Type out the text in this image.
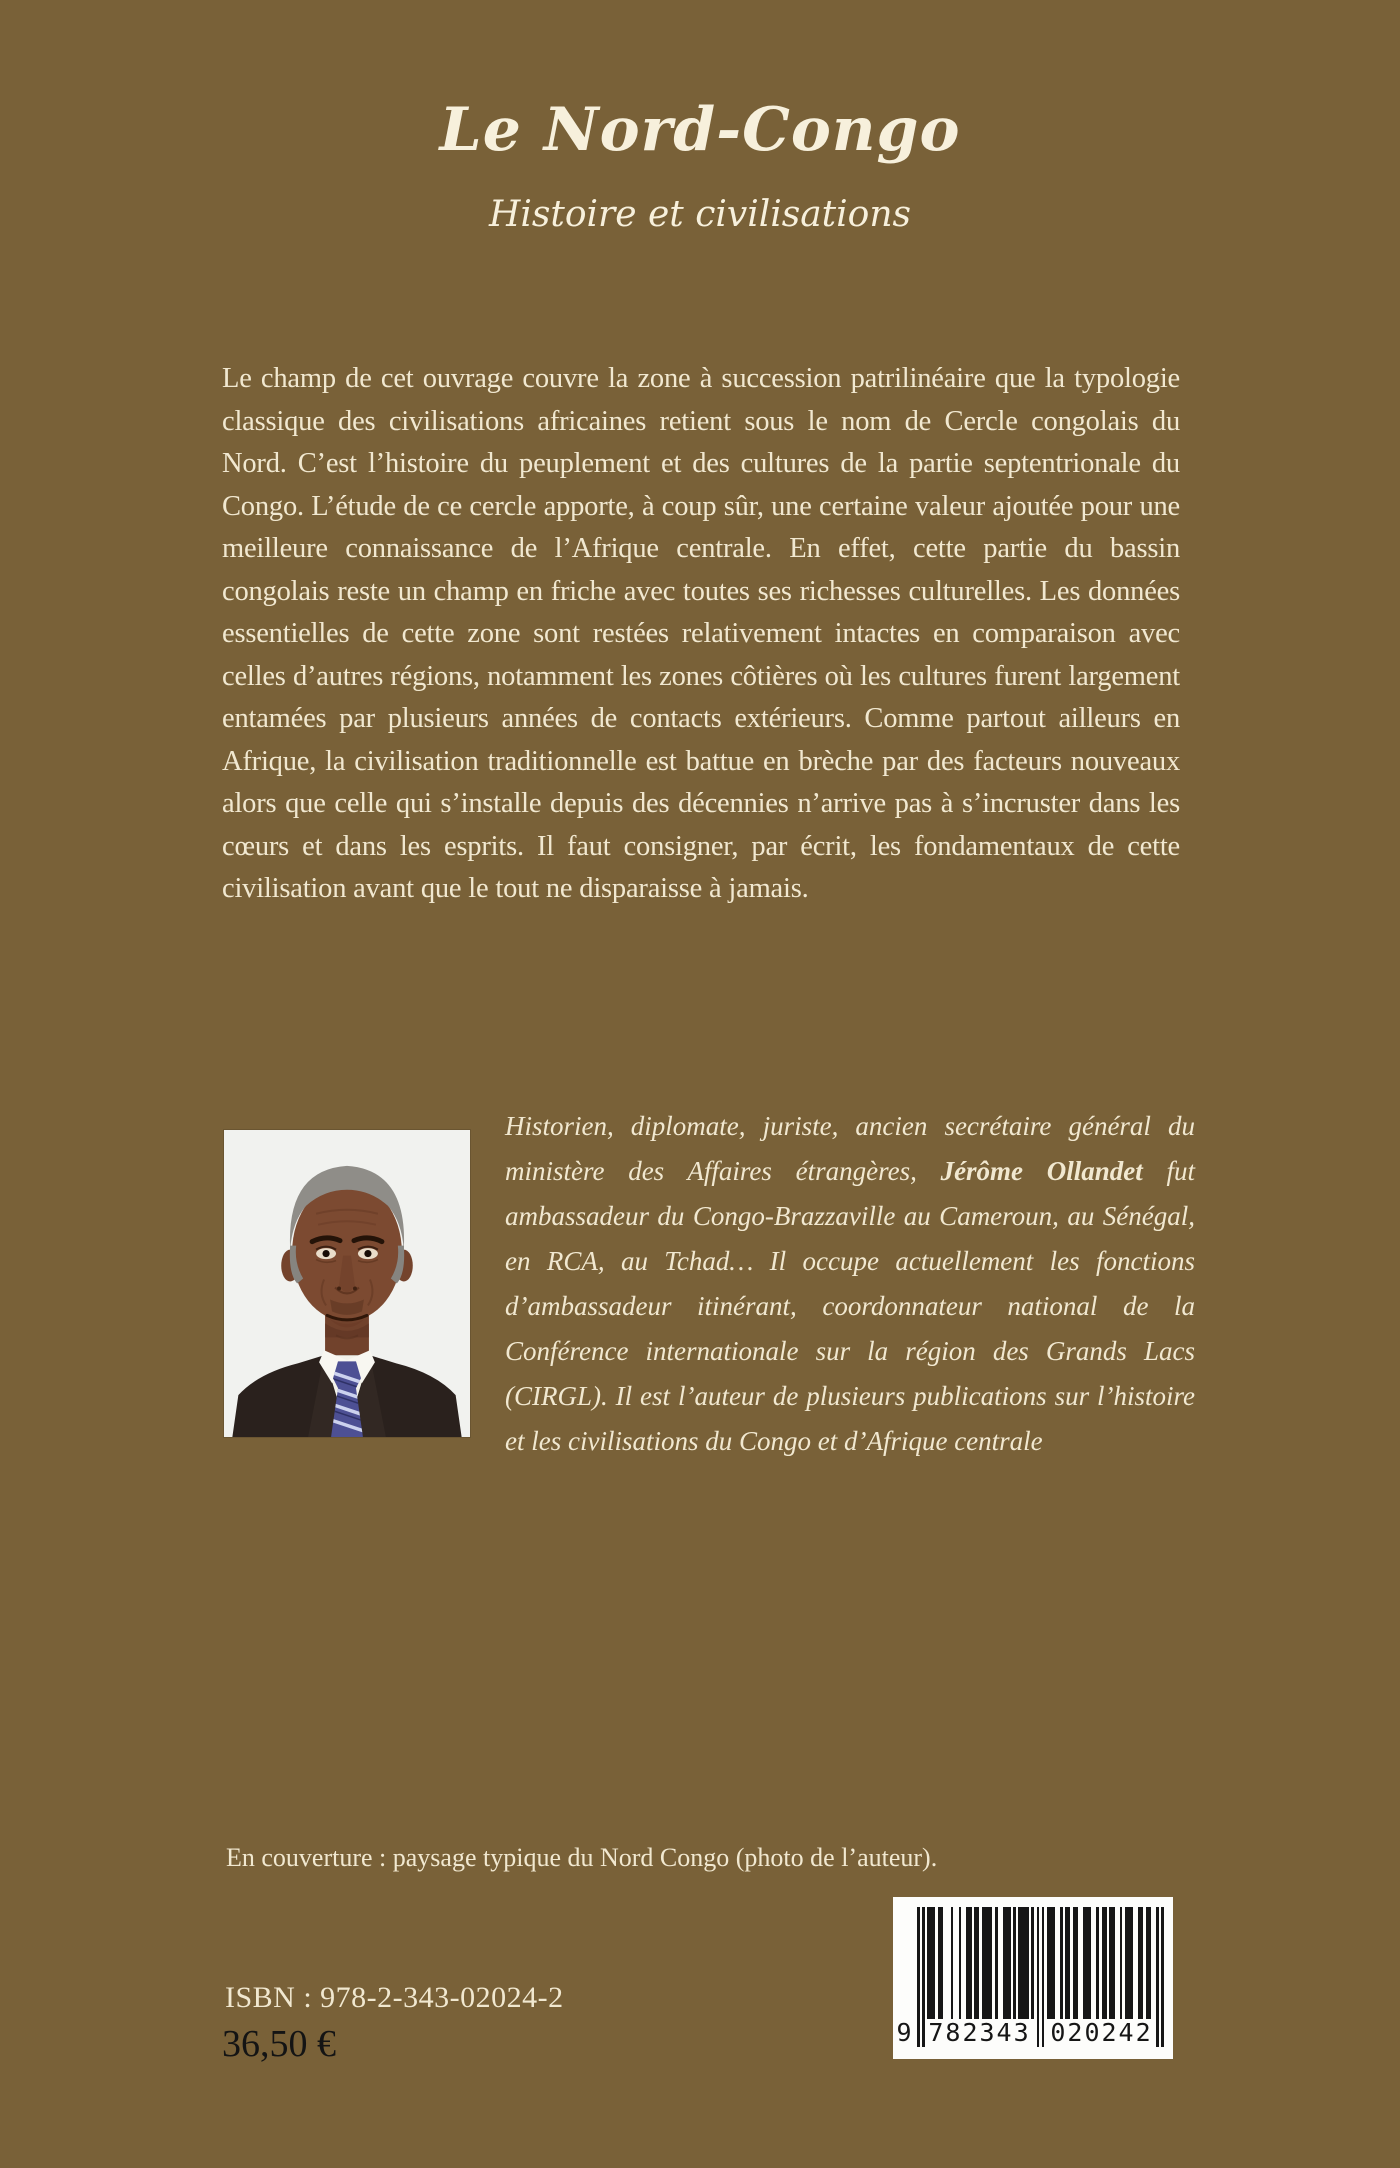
Le Nord-Congo
Histoire et civilisations

Le champ de cet ouvrage couvre la zone à succession patrilinéaire que la typologie classique des civilisations africaines retient sous le nom de Cercle congolais du Nord. C’est l’histoire du peuplement et des cultures de la partie septentrionale du Congo. L’étude de ce cercle apporte, à coup sûr, une certaine valeur ajoutée pour une meilleure connaissance de l’Afrique centrale. En effet, cette partie du bassin congolais reste un champ en friche avec toutes ses richesses culturelles. Les données essentielles de cette zone sont restées relativement intactes en comparaison avec celles d’autres régions, notamment les zones côtières où les cultures furent largement entamées par plusieurs années de contacts extérieurs. Comme partout ailleurs en Afrique, la civilisation traditionnelle est battue en brèche par des facteurs nouveaux alors que celle qui s’installe depuis des décennies n’arrive pas à s’incruster dans les cœurs et dans les esprits. Il faut consigner, par écrit, les fondamentaux de cette civilisation avant que le tout ne disparaisse à jamais.

Historien, diplomate, juriste, ancien secrétaire général du ministère des Affaires étrangères, Jérôme Ollandet fut ambassadeur du Congo-Brazzaville au Cameroun, au Sénégal, en RCA, au Tchad… Il occupe actuellement les fonctions d’ambassadeur itinérant, coordonnateur national de la Conférence internationale sur la région des Grands Lacs (CIRGL). Il est l’auteur de plusieurs publications sur l’histoire et les civilisations du Congo et d’Afrique centrale

En couverture : paysage typique du Nord Congo (photo de l’auteur).

9 782343 020242

ISBN : 978-2-343-02024-2

36,50 €
